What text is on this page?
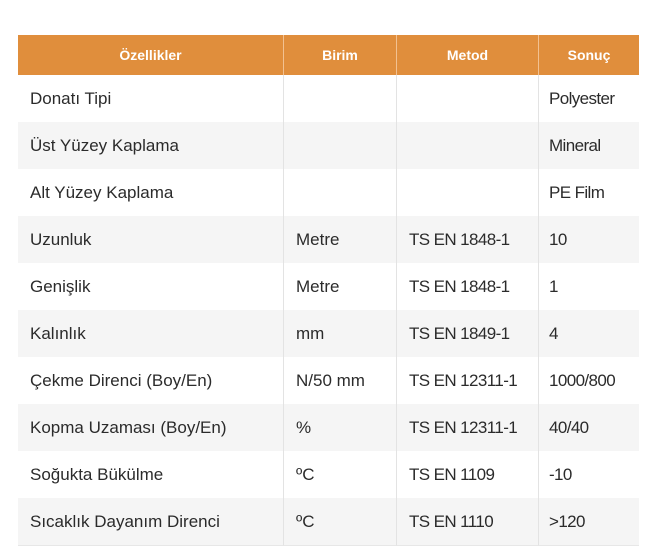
Özellikler	Birim	Metod	Sonuç
Donatı Tipi			Polyester
Üst Yüzey Kaplama			Mineral
Alt Yüzey Kaplama			PE Film
Uzunluk	Metre	TS EN 1848-1	10
Genişlik	Metre	TS EN 1848-1	1
Kalınlık	mm	TS EN 1849-1	4
Çekme Direnci (Boy/En)	N/50 mm	TS EN 12311-1	1000/800
Kopma Uzaması (Boy/En)	%	TS EN 12311-1	40/40
Soğukta Bükülme	ºC	TS EN 1109	-10
Sıcaklık Dayanım Direnci	ºC	TS EN 1110	>120
